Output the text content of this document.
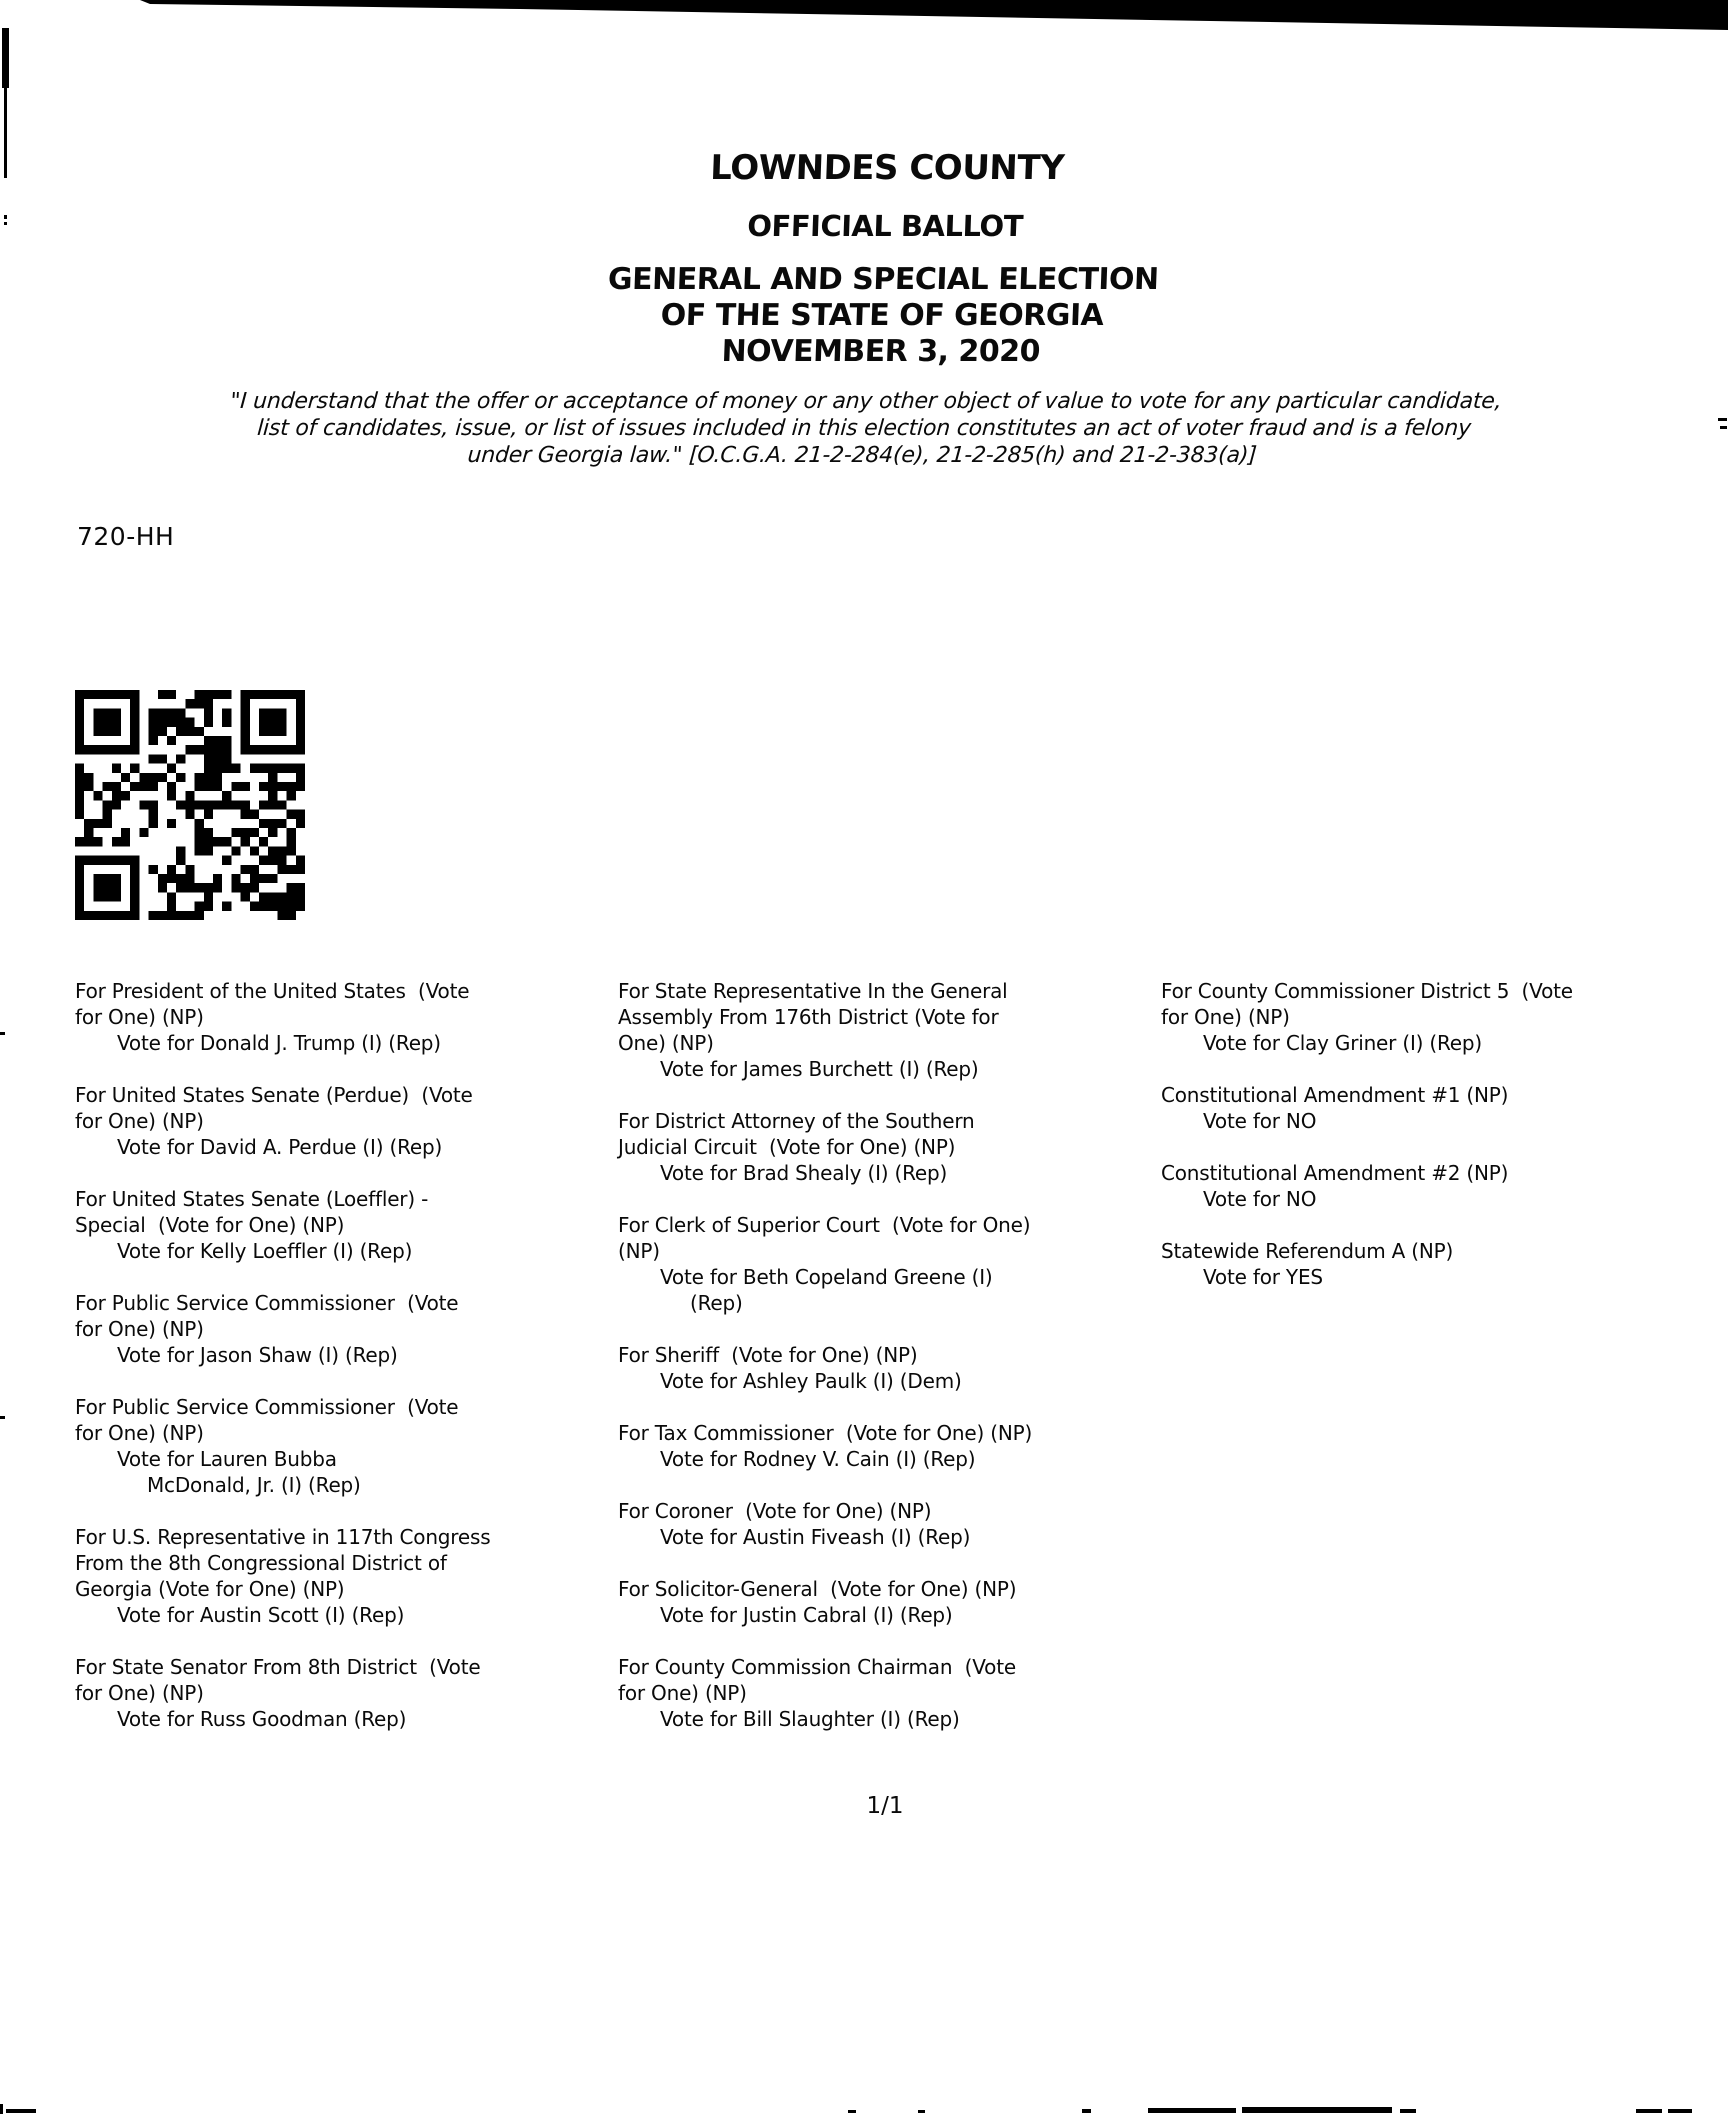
LOWNDES COUNTY
OFFICIAL BALLOT
GENERAL AND SPECIAL ELECTION
OF THE STATE OF GEORGIA
NOVEMBER 3, 2020
"I understand that the offer or acceptance of money or any other object of value to vote for any particular candidate,
list of candidates, issue, or list of issues included in this election constitutes an act of voter fraud and is a felony
under Georgia law." [O.C.G.A. 21-2-284(e), 21-2-285(h) and 21-2-383(a)]
720-HH
For President of the United States  (Vote
for One) (NP)
Vote for Donald J. Trump (I) (Rep)
For United States Senate (Perdue)  (Vote
for One) (NP)
Vote for David A. Perdue (I) (Rep)
For United States Senate (Loeffler) -
Special  (Vote for One) (NP)
Vote for Kelly Loeffler (I) (Rep)
For Public Service Commissioner  (Vote
for One) (NP)
Vote for Jason Shaw (I) (Rep)
For Public Service Commissioner  (Vote
for One) (NP)
Vote for Lauren Bubba
McDonald, Jr. (I) (Rep)
For U.S. Representative in 117th Congress
From the 8th Congressional District of
Georgia (Vote for One) (NP)
Vote for Austin Scott (I) (Rep)
For State Senator From 8th District  (Vote
for One) (NP)
Vote for Russ Goodman (Rep)
For State Representative In the General
Assembly From 176th District (Vote for
One) (NP)
Vote for James Burchett (I) (Rep)
For District Attorney of the Southern
Judicial Circuit  (Vote for One) (NP)
Vote for Brad Shealy (I) (Rep)
For Clerk of Superior Court  (Vote for One)
(NP)
Vote for Beth Copeland Greene (I)
(Rep)
For Sheriff  (Vote for One) (NP)
Vote for Ashley Paulk (I) (Dem)
For Tax Commissioner  (Vote for One) (NP)
Vote for Rodney V. Cain (I) (Rep)
For Coroner  (Vote for One) (NP)
Vote for Austin Fiveash (I) (Rep)
For Solicitor-General  (Vote for One) (NP)
Vote for Justin Cabral (I) (Rep)
For County Commission Chairman  (Vote
for One) (NP)
Vote for Bill Slaughter (I) (Rep)
For County Commissioner District 5  (Vote
for One) (NP)
Vote for Clay Griner (I) (Rep)
Constitutional Amendment #1 (NP)
Vote for NO
Constitutional Amendment #2 (NP)
Vote for NO
Statewide Referendum A (NP)
Vote for YES
1/1
